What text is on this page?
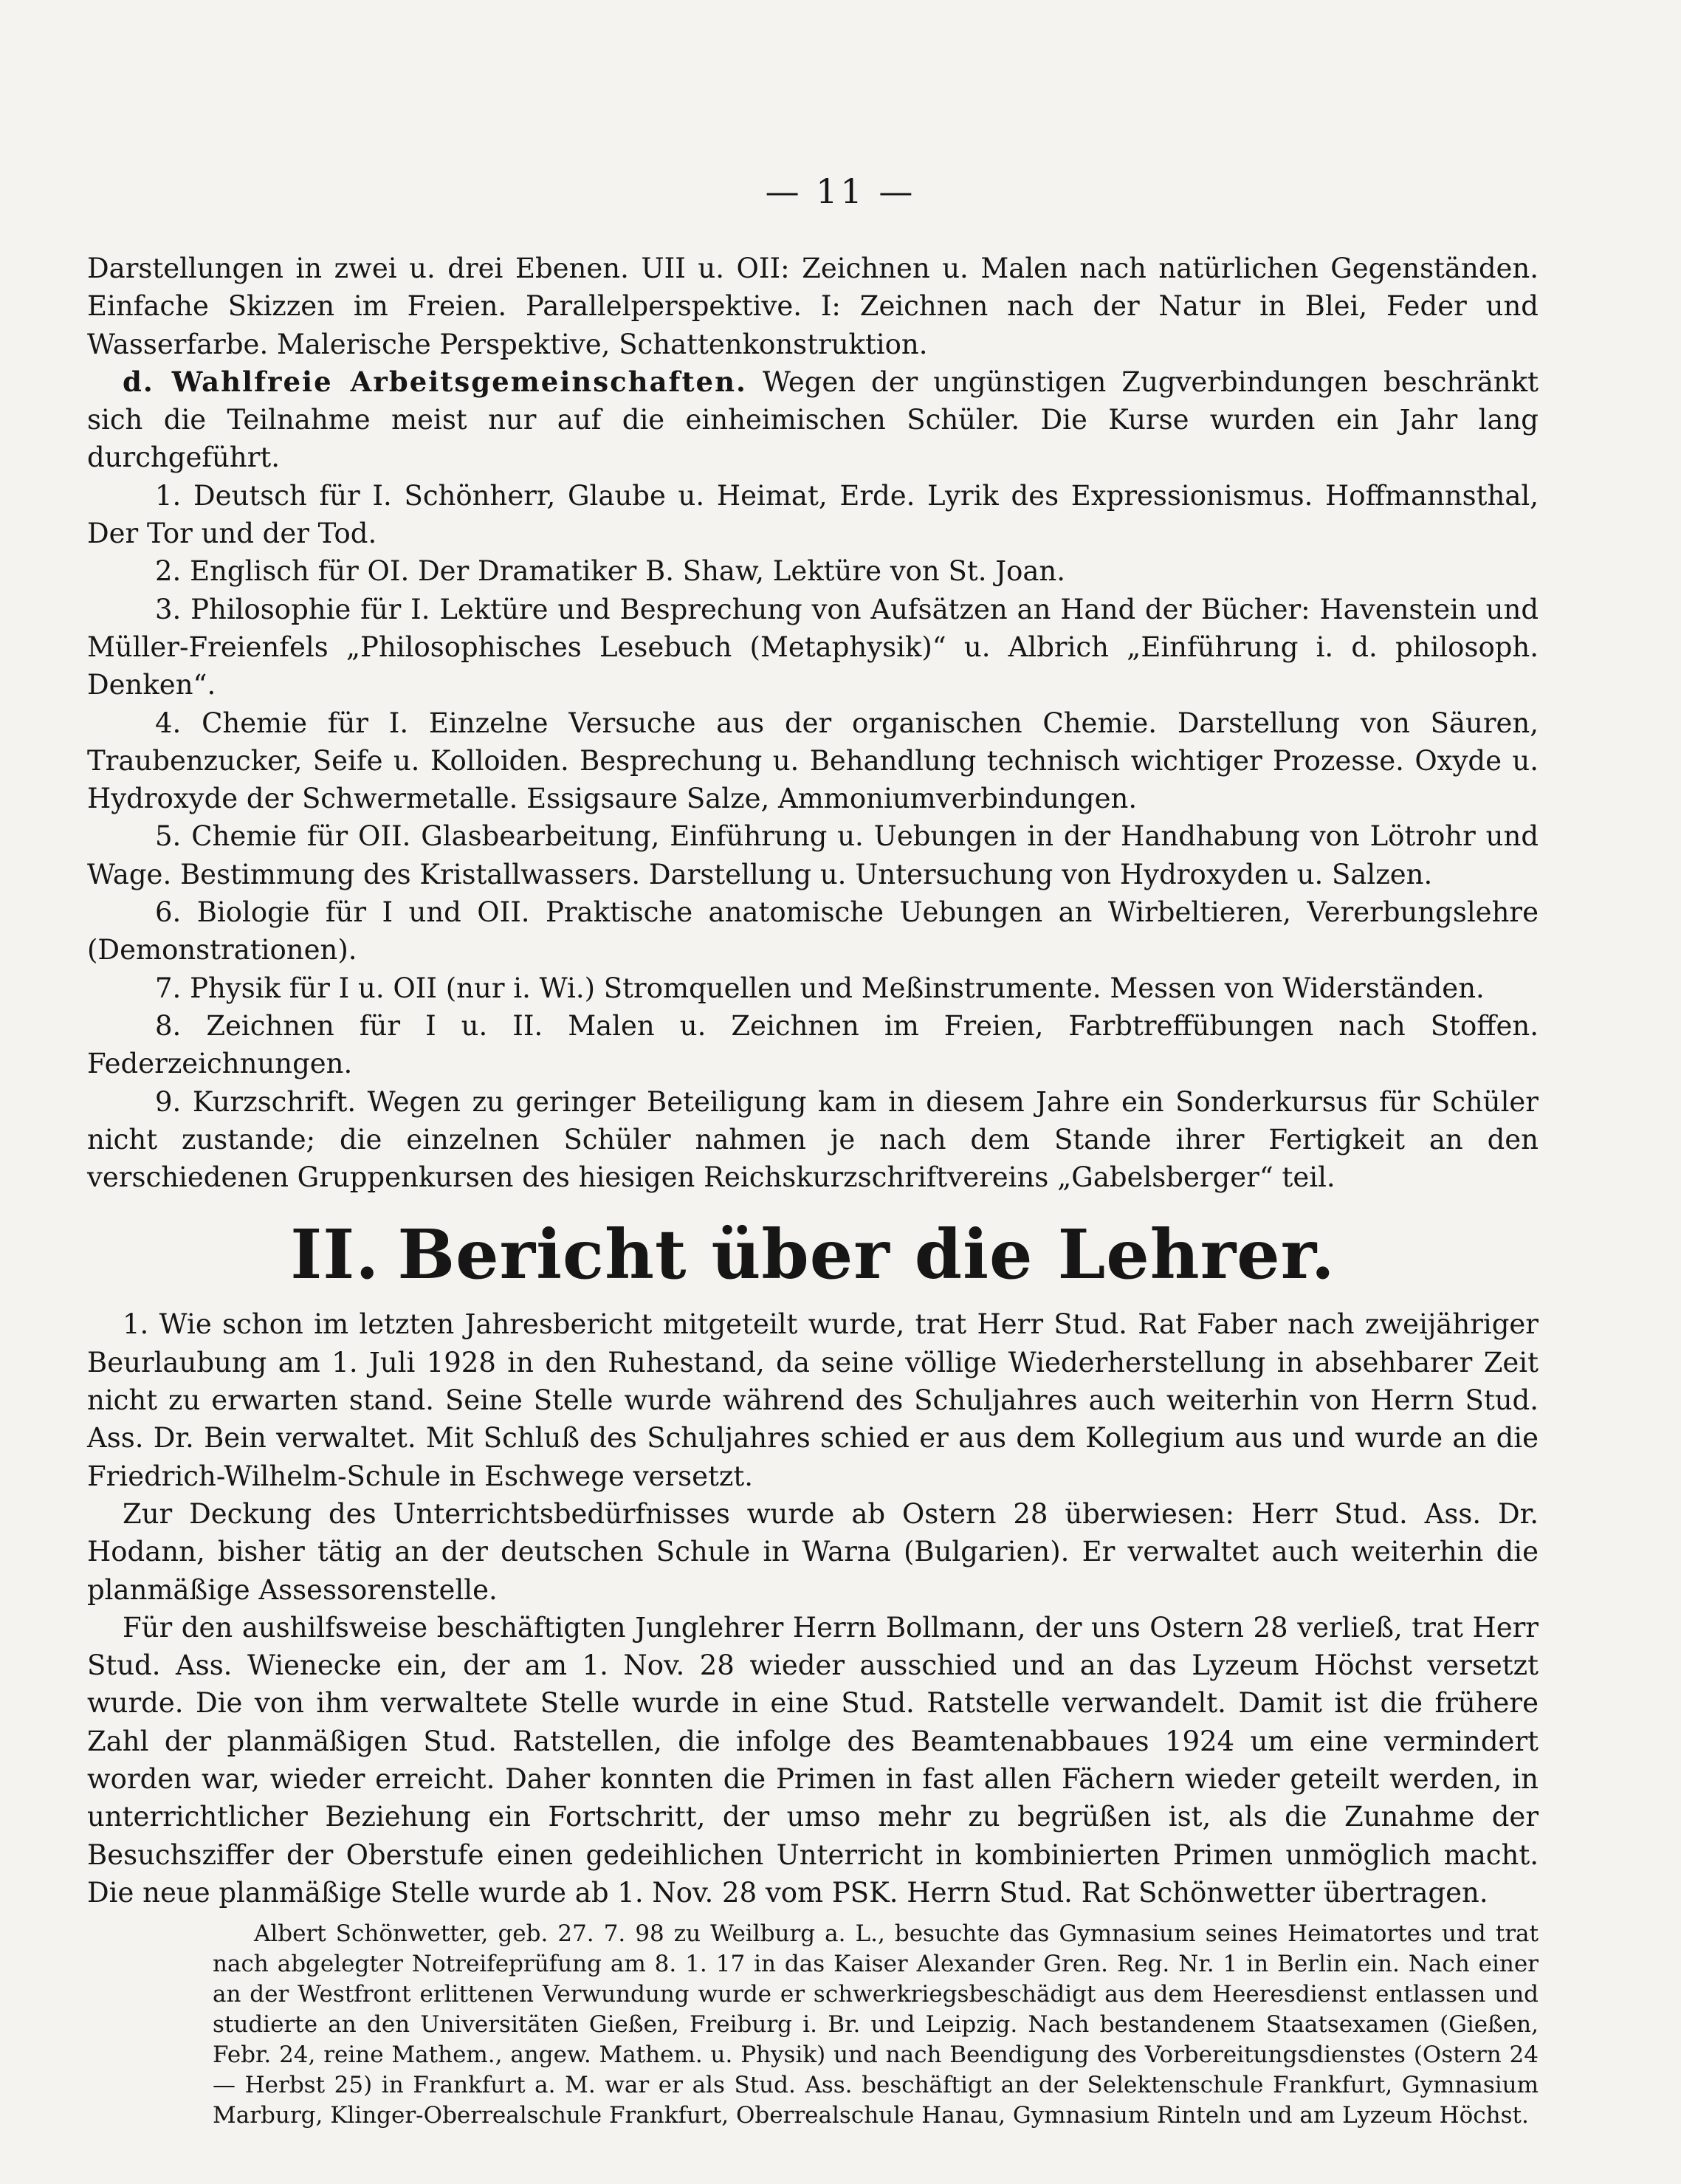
— 11 —

Darstellungen in zwei u. drei Ebenen. UII u. OII: Zeichnen u. Malen nach natürlichen Gegenständen. Einfache Skizzen im Freien. Parallelperspektive. I: Zeichnen nach der Natur in Blei, Feder und Wasserfarbe. Malerische Perspektive, Schattenkonstruktion.

d. Wahlfreie Arbeitsgemeinschaften. Wegen der ungünstigen Zugverbindungen beschränkt sich die Teilnahme meist nur auf die einheimischen Schüler. Die Kurse wurden ein Jahr lang durchgeführt.

1. Deutsch für I. Schönherr, Glaube u. Heimat, Erde. Lyrik des Expressionismus. Hoffmannsthal, Der Tor und der Tod.

2. Englisch für OI. Der Dramatiker B. Shaw, Lektüre von St. Joan.

3. Philosophie für I. Lektüre und Besprechung von Aufsätzen an Hand der Bücher: Havenstein und Müller-Freienfels „Philosophisches Lesebuch (Metaphysik)“ u. Albrich „Einführung i. d. philosoph. Denken“.

4. Chemie für I. Einzelne Versuche aus der organischen Chemie. Darstellung von Säuren, Traubenzucker, Seife u. Kolloiden. Besprechung u. Behandlung technisch wichtiger Prozesse. Oxyde u. Hydroxyde der Schwermetalle. Essigsaure Salze, Ammoniumverbindungen.

5. Chemie für OII. Glasbearbeitung, Einführung u. Uebungen in der Handhabung von Lötrohr und Wage. Bestimmung des Kristallwassers. Darstellung u. Untersuchung von Hydroxyden u. Salzen.

6. Biologie für I und OII. Praktische anatomische Uebungen an Wirbeltieren, Vererbungslehre (Demonstrationen).

7. Physik für I u. OII (nur i. Wi.) Stromquellen und Meßinstrumente. Messen von Widerständen.

8. Zeichnen für I u. II. Malen u. Zeichnen im Freien, Farbtreffübungen nach Stoffen. Federzeichnungen.

9. Kurzschrift. Wegen zu geringer Beteiligung kam in diesem Jahre ein Sonderkursus für Schüler nicht zustande; die einzelnen Schüler nahmen je nach dem Stande ihrer Fertigkeit an den verschiedenen Gruppenkursen des hiesigen Reichskurzschriftvereins „Gabelsberger“ teil.

II. Bericht über die Lehrer.

1. Wie schon im letzten Jahresbericht mitgeteilt wurde, trat Herr Stud. Rat Faber nach zweijähriger Beurlaubung am 1. Juli 1928 in den Ruhestand, da seine völlige Wiederherstellung in absehbarer Zeit nicht zu erwarten stand. Seine Stelle wurde während des Schuljahres auch weiterhin von Herrn Stud. Ass. Dr. Bein verwaltet. Mit Schluß des Schuljahres schied er aus dem Kollegium aus und wurde an die Friedrich-Wilhelm-Schule in Eschwege versetzt.

Zur Deckung des Unterrichtsbedürfnisses wurde ab Ostern 28 überwiesen: Herr Stud. Ass. Dr. Hodann, bisher tätig an der deutschen Schule in Warna (Bulgarien). Er verwaltet auch weiterhin die planmäßige Assessorenstelle.

Für den aushilfsweise beschäftigten Junglehrer Herrn Bollmann, der uns Ostern 28 verließ, trat Herr Stud. Ass. Wienecke ein, der am 1. Nov. 28 wieder ausschied und an das Lyzeum Höchst versetzt wurde. Die von ihm verwaltete Stelle wurde in eine Stud. Ratstelle verwandelt. Damit ist die frühere Zahl der planmäßigen Stud. Ratstellen, die infolge des Beamtenabbaues 1924 um eine vermindert worden war, wieder erreicht. Daher konnten die Primen in fast allen Fächern wieder geteilt werden, in unterrichtlicher Beziehung ein Fortschritt, der umso mehr zu begrüßen ist, als die Zunahme der Besuchsziffer der Oberstufe einen gedeihlichen Unterricht in kombinierten Primen unmöglich macht. Die neue planmäßige Stelle wurde ab 1. Nov. 28 vom PSK. Herrn Stud. Rat Schönwetter übertragen.

Albert Schönwetter, geb. 27. 7. 98 zu Weilburg a. L., besuchte das Gymnasium seines Heimatortes und trat nach abgelegter Notreifeprüfung am 8. 1. 17 in das Kaiser Alexander Gren. Reg. Nr. 1 in Berlin ein. Nach einer an der Westfront erlittenen Verwundung wurde er schwerkriegsbeschädigt aus dem Heeresdienst entlassen und studierte an den Universitäten Gießen, Freiburg i. Br. und Leipzig. Nach bestandenem Staatsexamen (Gießen, Febr. 24, reine Mathem., angew. Mathem. u. Physik) und nach Beendigung des Vorbereitungsdienstes (Ostern 24 — Herbst 25) in Frankfurt a. M. war er als Stud. Ass. beschäftigt an der Selektenschule Frankfurt, Gymnasium Marburg, Klinger-Oberrealschule Frankfurt, Oberrealschule Hanau, Gymnasium Rinteln und am Lyzeum Höchst.
